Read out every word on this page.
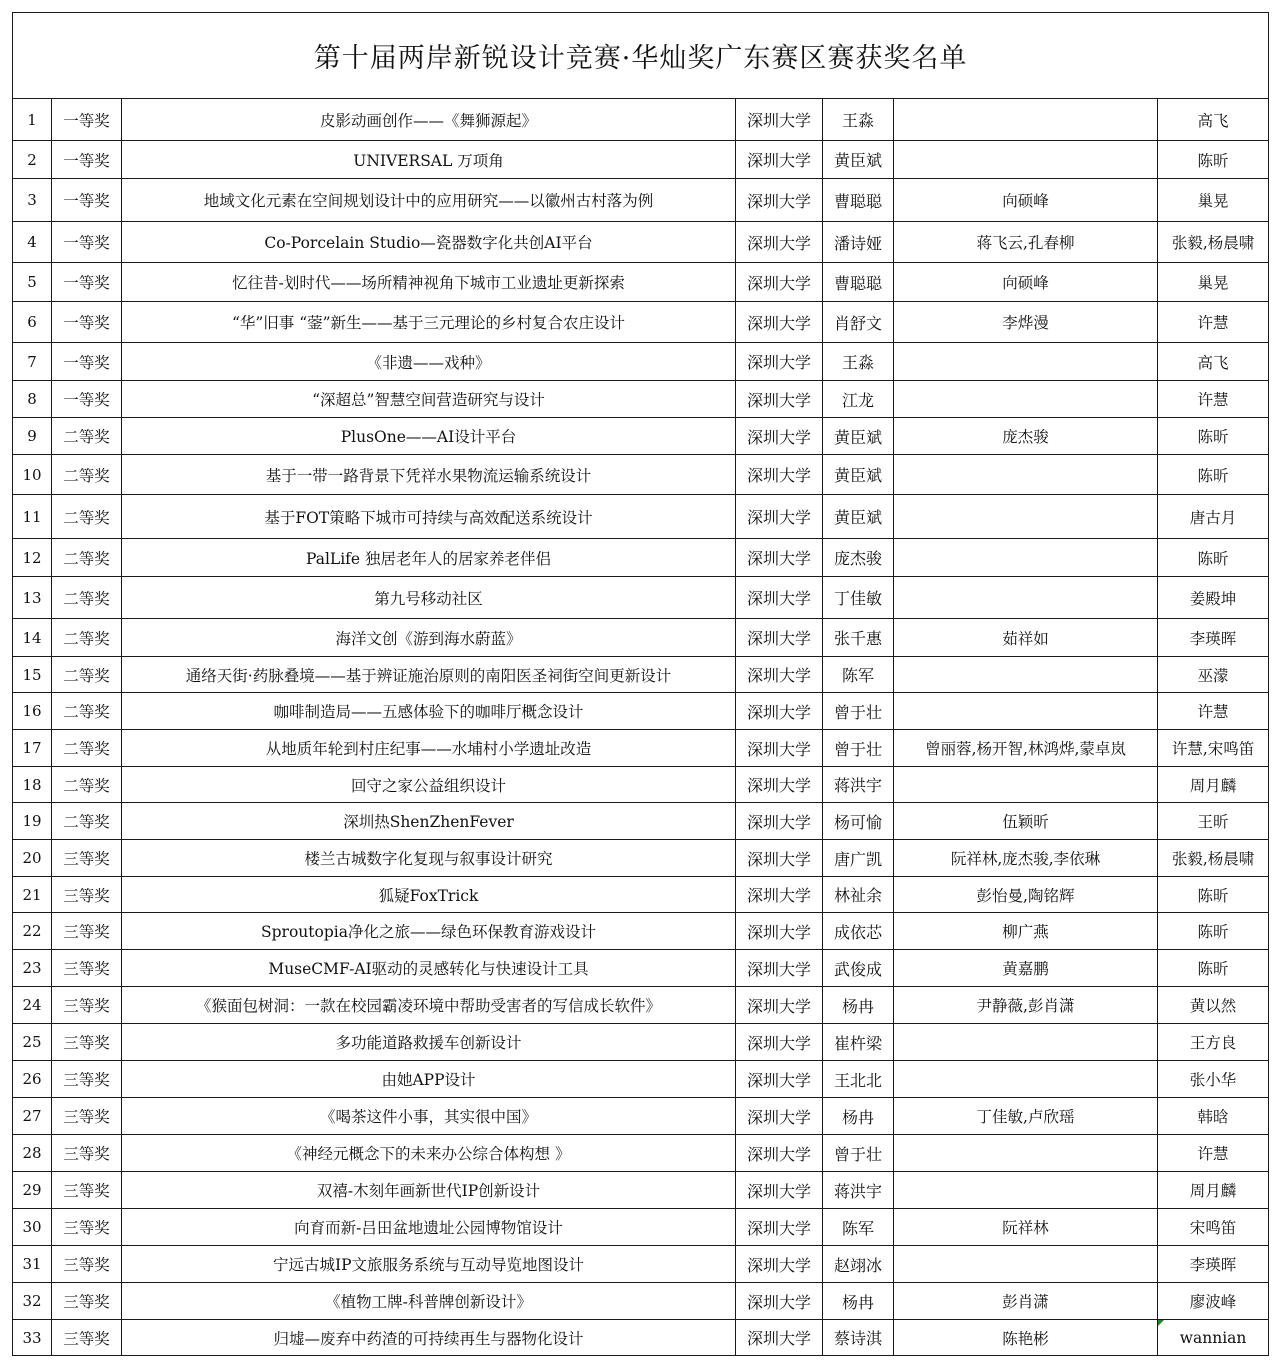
第十届两岸新锐设计竞赛·华灿奖广东赛区赛获奖名单						
1	一等奖	皮影动画创作——《舞狮源起》	深圳大学	王淼		高飞
2	一等奖	UNIVERSAL 万项角	深圳大学	黄臣斌		陈昕
3	一等奖	地域文化元素在空间规划设计中的应用研究——以徽州古村落为例	深圳大学	曹聪聪	向硕峰	巢晃
4	一等奖	Co-Porcelain Studio—瓷器数字化共创AI平台	深圳大学	潘诗娅	蒋飞云,孔春柳	张毅,杨晨啸
5	一等奖	忆往昔-划时代——场所精神视角下城市工业遗址更新探索	深圳大学	曹聪聪	向硕峰	巢晃
6	一等奖	“华”旧事 “蓥”新生——基于三元理论的乡村复合农庄设计	深圳大学	肖舒文	李烨漫	许慧
7	一等奖	《非遗——戏种》	深圳大学	王淼		高飞
8	一等奖	“深超总”智慧空间营造研究与设计	深圳大学	江龙		许慧
9	二等奖	PlusOne——AI设计平台	深圳大学	黄臣斌	庞杰骏	陈昕
10	二等奖	基于一带一路背景下凭祥水果物流运输系统设计	深圳大学	黄臣斌		陈昕
11	二等奖	基于FOT策略下城市可持续与高效配送系统设计	深圳大学	黄臣斌		唐古月
12	二等奖	PalLife 独居老年人的居家养老伴侣	深圳大学	庞杰骏		陈昕
13	二等奖	第九号移动社区	深圳大学	丁佳敏		姜殿坤
14	二等奖	海洋文创《游到海水蔚蓝》	深圳大学	张千惠	茹祥如	李瑛晖
15	二等奖	通络天街·药脉叠境——基于辨证施治原则的南阳医圣祠街空间更新设计	深圳大学	陈军		巫濛
16	二等奖	咖啡制造局——五感体验下的咖啡厅概念设计	深圳大学	曾于壮		许慧
17	二等奖	从地质年轮到村庄纪事——水埔村小学遗址改造	深圳大学	曾于壮	曾丽蓉,杨开智,林鸿烨,蒙卓岚	许慧,宋鸣笛
18	二等奖	回守之家公益组织设计	深圳大学	蒋洪宇		周月麟
19	二等奖	深圳热ShenZhenFever	深圳大学	杨可愉	伍颖昕	王昕
20	三等奖	楼兰古城数字化复现与叙事设计研究	深圳大学	唐广凯	阮祥林,庞杰骏,李依琳	张毅,杨晨啸
21	三等奖	狐疑FoxTrick	深圳大学	林祉余	彭怡曼,陶铭辉	陈昕
22	三等奖	Sproutopia净化之旅——绿色环保教育游戏设计	深圳大学	成依芯	柳广燕	陈昕
23	三等奖	MuseCMF-AI驱动的灵感转化与快速设计工具	深圳大学	武俊成	黄嘉鹏	陈昕
24	三等奖	《猴面包树洞：一款在校园霸凌环境中帮助受害者的写信成长软件》	深圳大学	杨冉	尹静薇,彭肖潇	黄以然
25	三等奖	多功能道路救援车创新设计	深圳大学	崔杵梁		王方良
26	三等奖	由她APP设计	深圳大学	王北北		张小华
27	三等奖	《喝茶这件小事，其实很中国》	深圳大学	杨冉	丁佳敏,卢欣瑶	韩晗
28	三等奖	《神经元概念下的未来办公综合体构想 》	深圳大学	曾于壮		许慧
29	三等奖	双禧-木刻年画新世代IP创新设计	深圳大学	蒋洪宇		周月麟
30	三等奖	向育而新-吕田盆地遗址公园博物馆设计	深圳大学	陈军	阮祥林	宋鸣笛
31	三等奖	宁远古城IP文旅服务系统与互动导览地图设计	深圳大学	赵翊冰		李瑛晖
32	三等奖	《植物工牌-科普牌创新设计》	深圳大学	杨冉	彭肖潇	廖波峰
33	三等奖	归墟—废弃中药渣的可持续再生与器物化设计	深圳大学	蔡诗淇	陈艳彬	wannian
